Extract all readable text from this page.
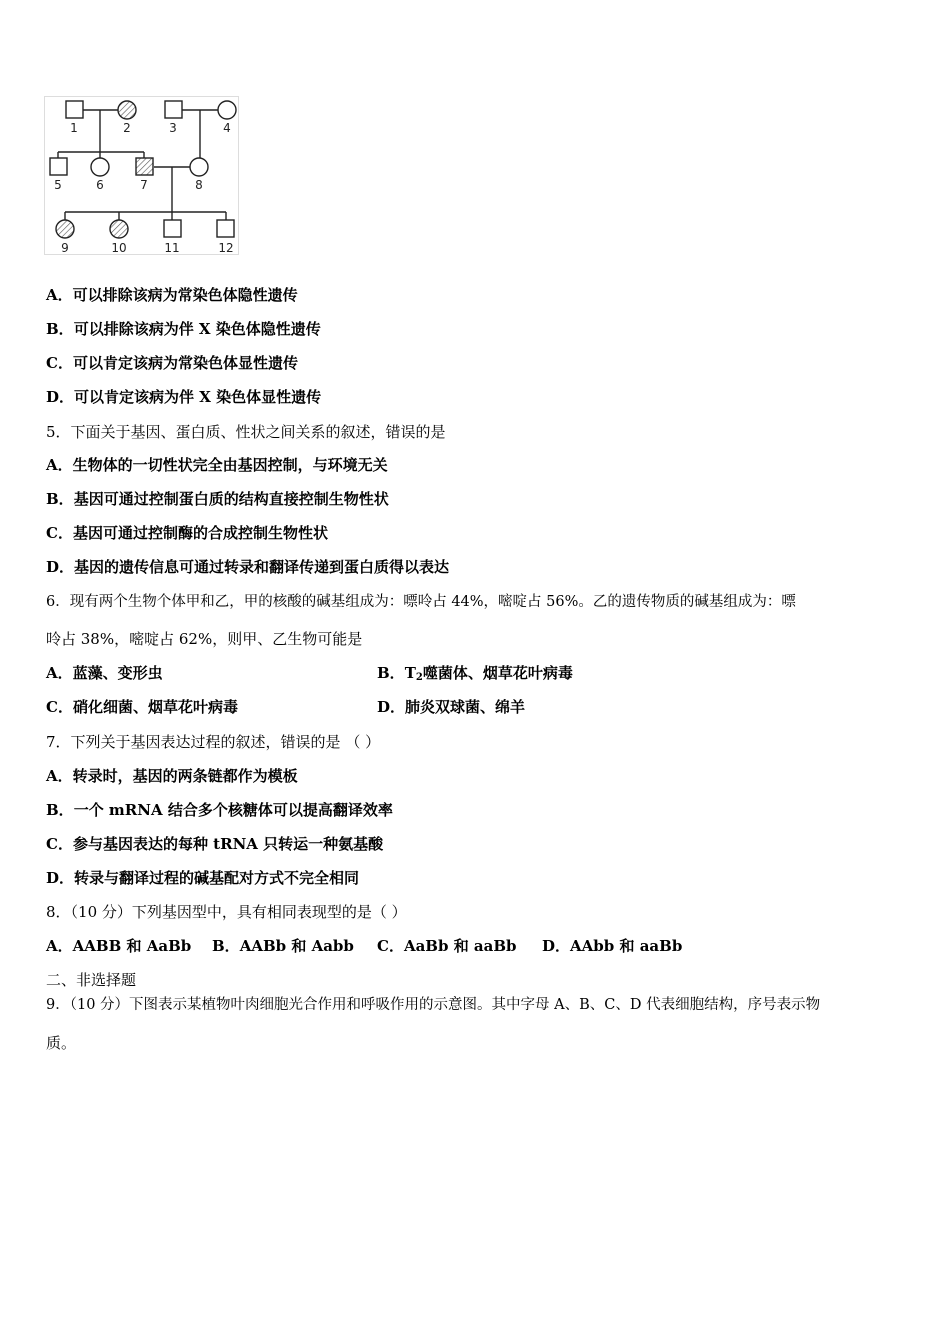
1	2	3	4
5	6	7	8
9	10	11	12
A．可以排除该病为常染色体隐性遗传
B．可以排除该病为伴 X 染色体隐性遗传
C．可以肯定该病为常染色体显性遗传
D．可以肯定该病为伴 X 染色体显性遗传
5．下面关于基因、蛋白质、性状之间关系的叙述，错误的是
A．生物体的一切性状完全由基因控制，与环境无关
B．基因可通过控制蛋白质的结构直接控制生物性状
C．基因可通过控制酶的合成控制生物性状
D．基因的遗传信息可通过转录和翻译传递到蛋白质得以表达
6．现有两个生物个体甲和乙，甲的核酸的碱基组成为：嘌呤占 44%，嘧啶占 56%。乙的遗传物质的碱基组成为：嘌
呤占 38%，嘧啶占 62%，则甲、乙生物可能是
A．蓝藻、变形虫	B．$T_2$噬菌体、烟草花叶病毒
C．硝化细菌、烟草花叶病毒	D．肺炎双球菌、绵羊
7．下列关于基因表达过程的叙述，错误的是 （ ）
A．转录时，基因的两条链都作为模板
B．一个 mRNA 结合多个核糖体可以提高翻译效率
C．参与基因表达的每种 tRNA 只转运一种氨基酸
D．转录与翻译过程的碱基配对方式不完全相同
8．（10 分）下列基因型中，具有相同表现型的是（ ）
A．AABB 和 AaBb B．AABb 和 Aabb C．AaBb 和 aaBb D．AAbb 和 aaBb
二、非选择题
9．（10 分）下图表示某植物叶肉细胞光合作用和呼吸作用的示意图。其中字母 A、B、C、D 代表细胞结构，序号表示物
质。
